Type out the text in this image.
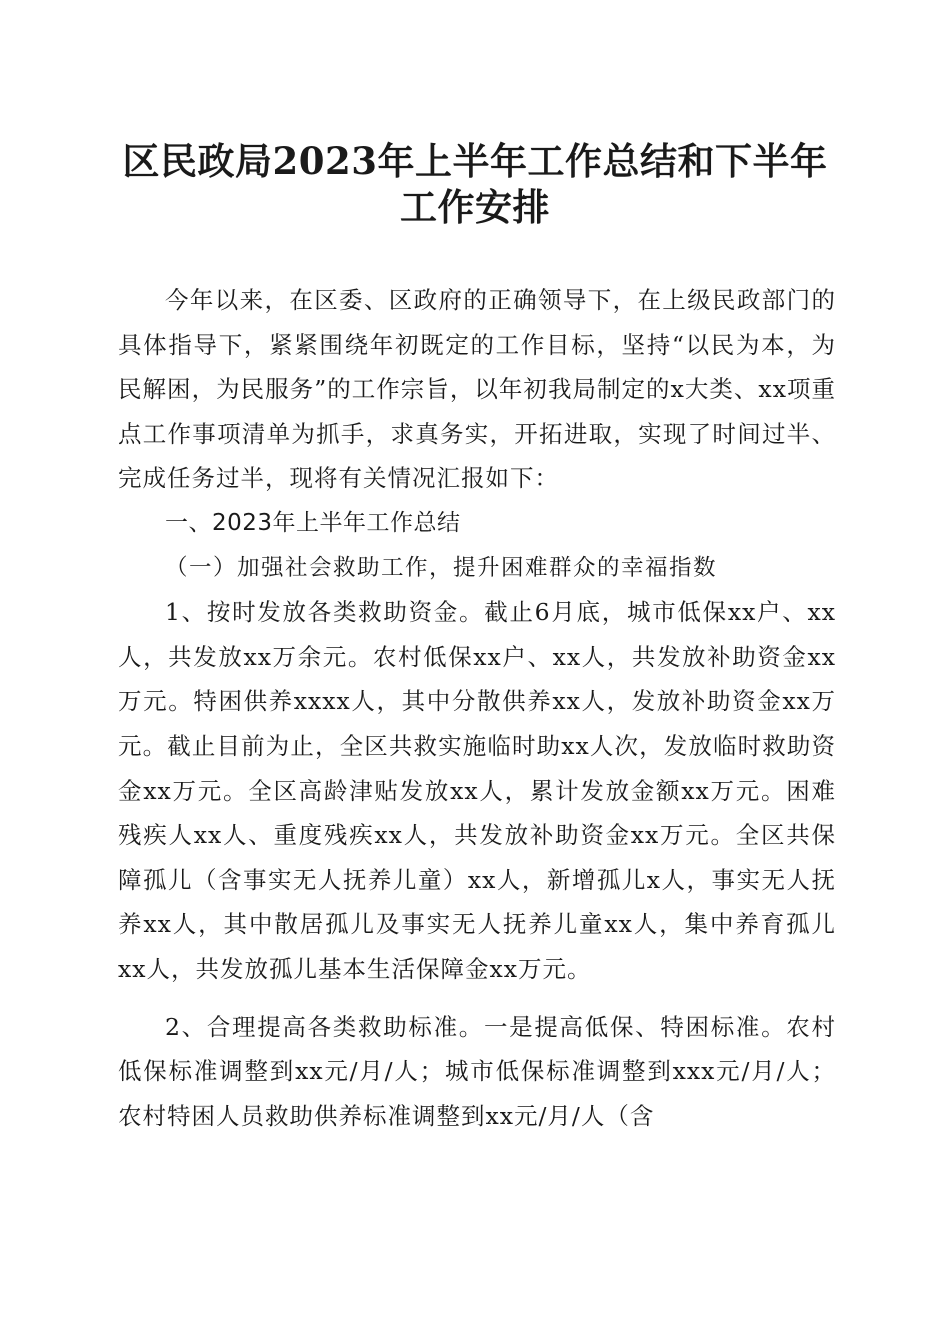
区民政局2023年上半年工作总结和下半年工作安排

今年以来，在区委、区政府的正确领导下，在上级民政部门的具体指导下，紧紧围绕年初既定的工作目标，坚持“以民为本，为民解困，为民服务”的工作宗旨，以年初我局制定的x大类、xx项重点工作事项清单为抓手，求真务实，开拓进取，实现了时间过半、完成任务过半，现将有关情况汇报如下：

一、2023年上半年工作总结

（一）加强社会救助工作，提升困难群众的幸福指数

1、按时发放各类救助资金。截止6月底，城市低保xx户、xx人，共发放xx万余元。农村低保xx户、xx人，共发放补助资金xx万元。特困供养xxxx人，其中分散供养xx人，发放补助资金xx万元。截止目前为止，全区共救实施临时助xx人次，发放临时救助资金xx万元。全区高龄津贴发放xx人，累计发放金额xx万元。困难残疾人xx人、重度残疾xx人，共发放补助资金xx万元。全区共保障孤儿（含事实无人抚养儿童）xx人，新增孤儿x人，事实无人抚养xx人，其中散居孤儿及事实无人抚养儿童xx人，集中养育孤儿xx人，共发放孤儿基本生活保障金xx万元。

2、合理提高各类救助标准。一是提高低保、特困标准。农村低保标准调整到xx元/月/人；城市低保标准调整到xxx元/月/人；农村特困人员救助供养标准调整到xx元/月/人（含
